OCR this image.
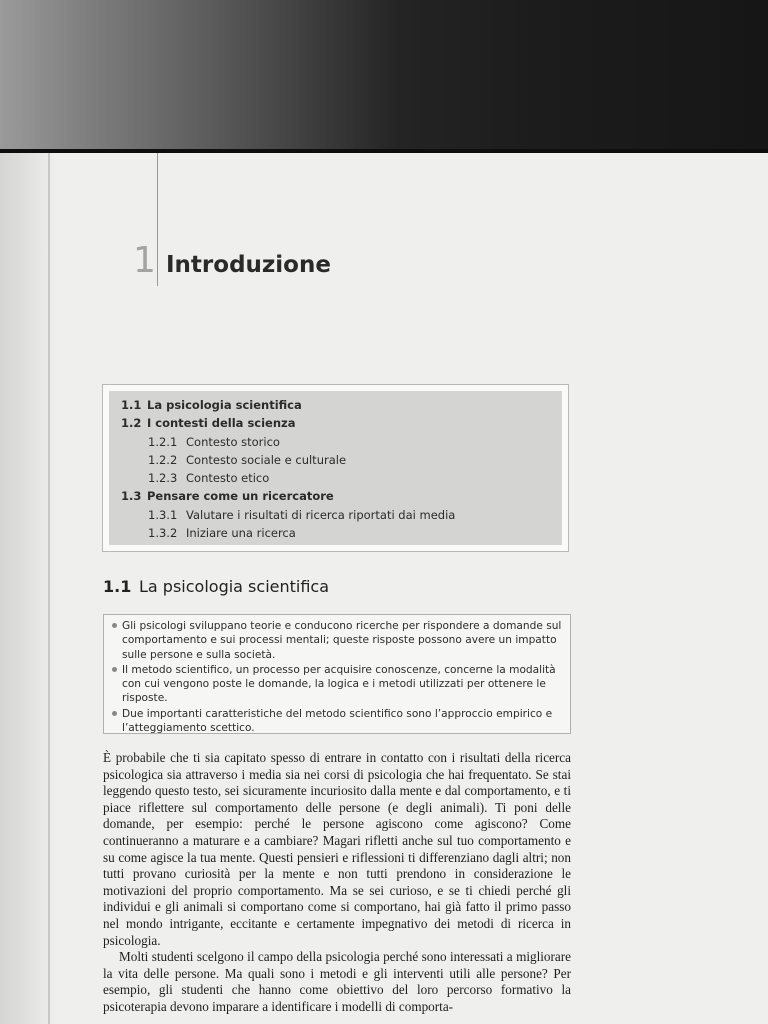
1 Introduzione
1.1 La psicologia scientifica
1.2 I contesti della scienza
1.2.1 Contesto storico
1.2.2 Contesto sociale e culturale
1.2.3 Contesto etico
1.3 Pensare come un ricercatore
1.3.1 Valutare i risultati di ricerca riportati dai media
1.3.2 Iniziare una ricerca
1.1 La psicologia scientifica
Gli psicologi sviluppano teorie e conducono ricerche per rispondere a domande sul comportamento e sui processi mentali; queste risposte possono avere un impatto sulle persone e sulla società.
Il metodo scientifico, un processo per acquisire conoscenze, concerne la modalità con cui vengono poste le domande, la logica e i metodi utilizzati per ottenere le risposte.
Due importanti caratteristiche del metodo scientifico sono l’approccio empirico e l’atteggiamento scettico.

È probabile che ti sia capitato spesso di entrare in contatto con i risultati della ricerca psicologica sia attraverso i media sia nei corsi di psicologia che hai frequentato. Se stai leggendo questo testo, sei sicuramente incuriosito dalla mente e dal comportamento, e ti piace riflettere sul comportamento delle persone (e degli animali). Ti poni delle domande, per esempio: perché le persone agiscono come agiscono? Come continueranno a maturare e a cambiare? Magari rifletti anche sul tuo comportamento e su come agisce la tua mente. Questi pensieri e riflessioni ti differenziano dagli altri; non tutti provano curiosità per la mente e non tutti prendono in considerazione le motivazioni del proprio comportamento. Ma se sei curioso, e se ti chiedi perché gli individui e gli animali si comportano come si comportano, hai già fatto il primo passo nel mondo intrigante, eccitante e certamente impegnativo dei metodi di ricerca in psicologia.

Molti studenti scelgono il campo della psicologia perché sono interessati a migliorare la vita delle persone. Ma quali sono i metodi e gli interventi utili alle persone? Per esempio, gli studenti che hanno come obiettivo del loro percorso formativo la psicoterapia devono imparare a identificare i modelli di comporta-
